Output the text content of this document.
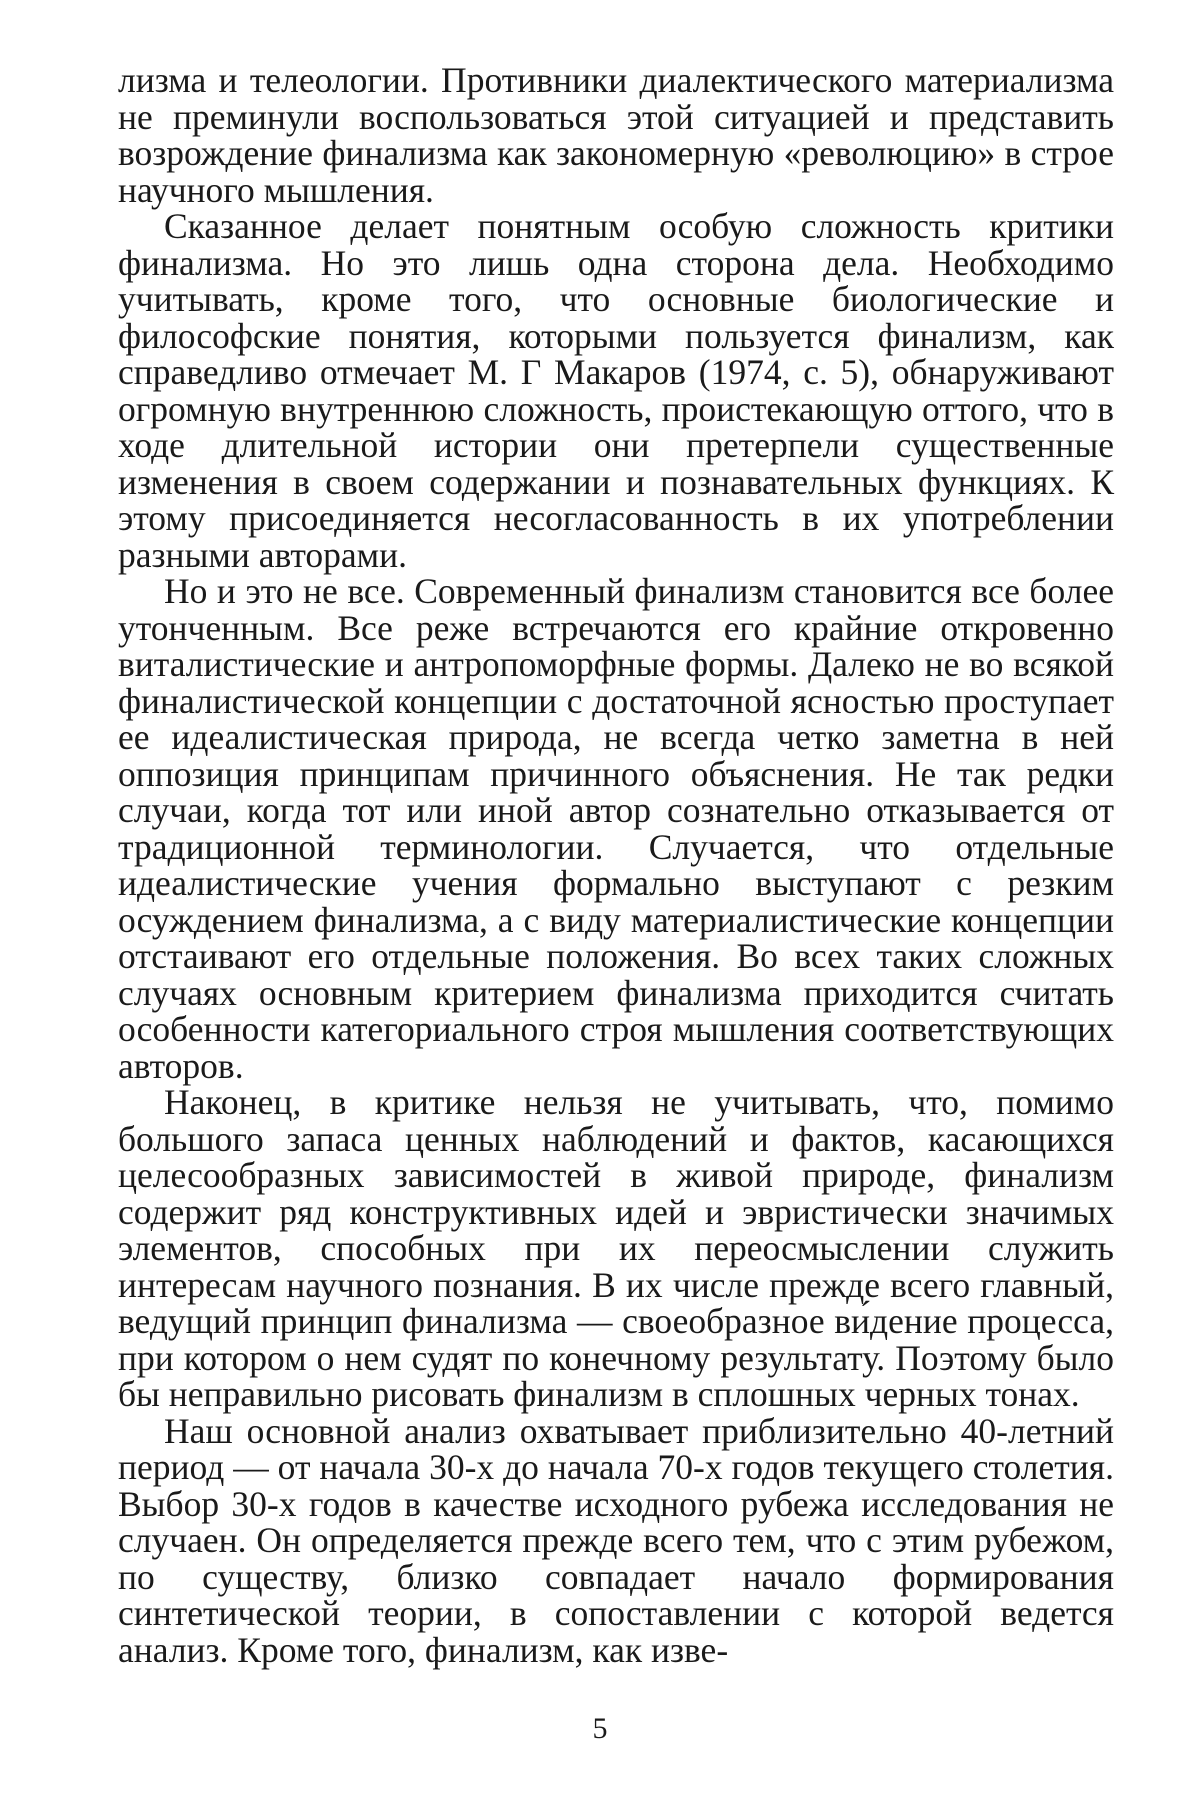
лизма и телеологии. Противники диалектического материализма не преминули воспользоваться этой ситуацией и представить возрождение финализма как закономерную «революцию» в строе научного мышления.

Сказанное делает понятным особую сложность критики финализма. Но это лишь одна сторона дела. Необходимо учитывать, кроме того, что основные биологические и философские понятия, которыми пользуется финализм, как справедливо отмечает М. Г Макаров (1974, с. 5), обнаруживают огромную внутреннюю сложность, проистекающую оттого, что в ходе длительной истории они претерпели существенные изменения в своем содержании и познавательных функциях. К этому присоединяется несогласованность в их употреблении разными авторами.

Но и это не все. Современный финализм становится все более утонченным. Все реже встречаются его крайние откровенно виталистические и антропоморфные формы. Далеко не во всякой финалистической концепции с достаточной ясностью проступает ее идеалистическая природа, не всегда четко заметна в ней оппозиция принципам причинного объяснения. Не так редки случаи, когда тот или иной автор сознательно отказывается от традиционной терминологии. Случается, что отдельные идеалистические учения формально выступают с резким осуждением финализма, а с виду материалистические концепции отстаивают его отдельные положения. Во всех таких сложных случаях основным критерием финализма приходится считать особенности категориального строя мышления соответствующих авторов.

Наконец, в критике нельзя не учитывать, что, помимо большого запаса ценных наблюдений и фактов, касающихся целесообразных зависимостей в живой природе, финализм содержит ряд конструктивных идей и эвристически значимых элементов, способных при их переосмыслении служить интересам научного познания. В их числе прежде всего главный, ведущий принцип финализма — своеобразное ви́дение процесса, при котором о нем судят по конечному результату. Поэтому было бы неправильно рисовать финализм в сплошных черных тонах.

Наш основной анализ охватывает приблизительно 40-летний период — от начала 30-х до начала 70-х годов текущего столетия. Выбор 30-х годов в качестве исходного рубежа исследования не случаен. Он определяется прежде всего тем, что с этим рубежом, по существу, близко совпадает начало формирования синтетической теории, в сопоставлении с которой ведется анализ. Кроме того, финализм, как изве-

5
